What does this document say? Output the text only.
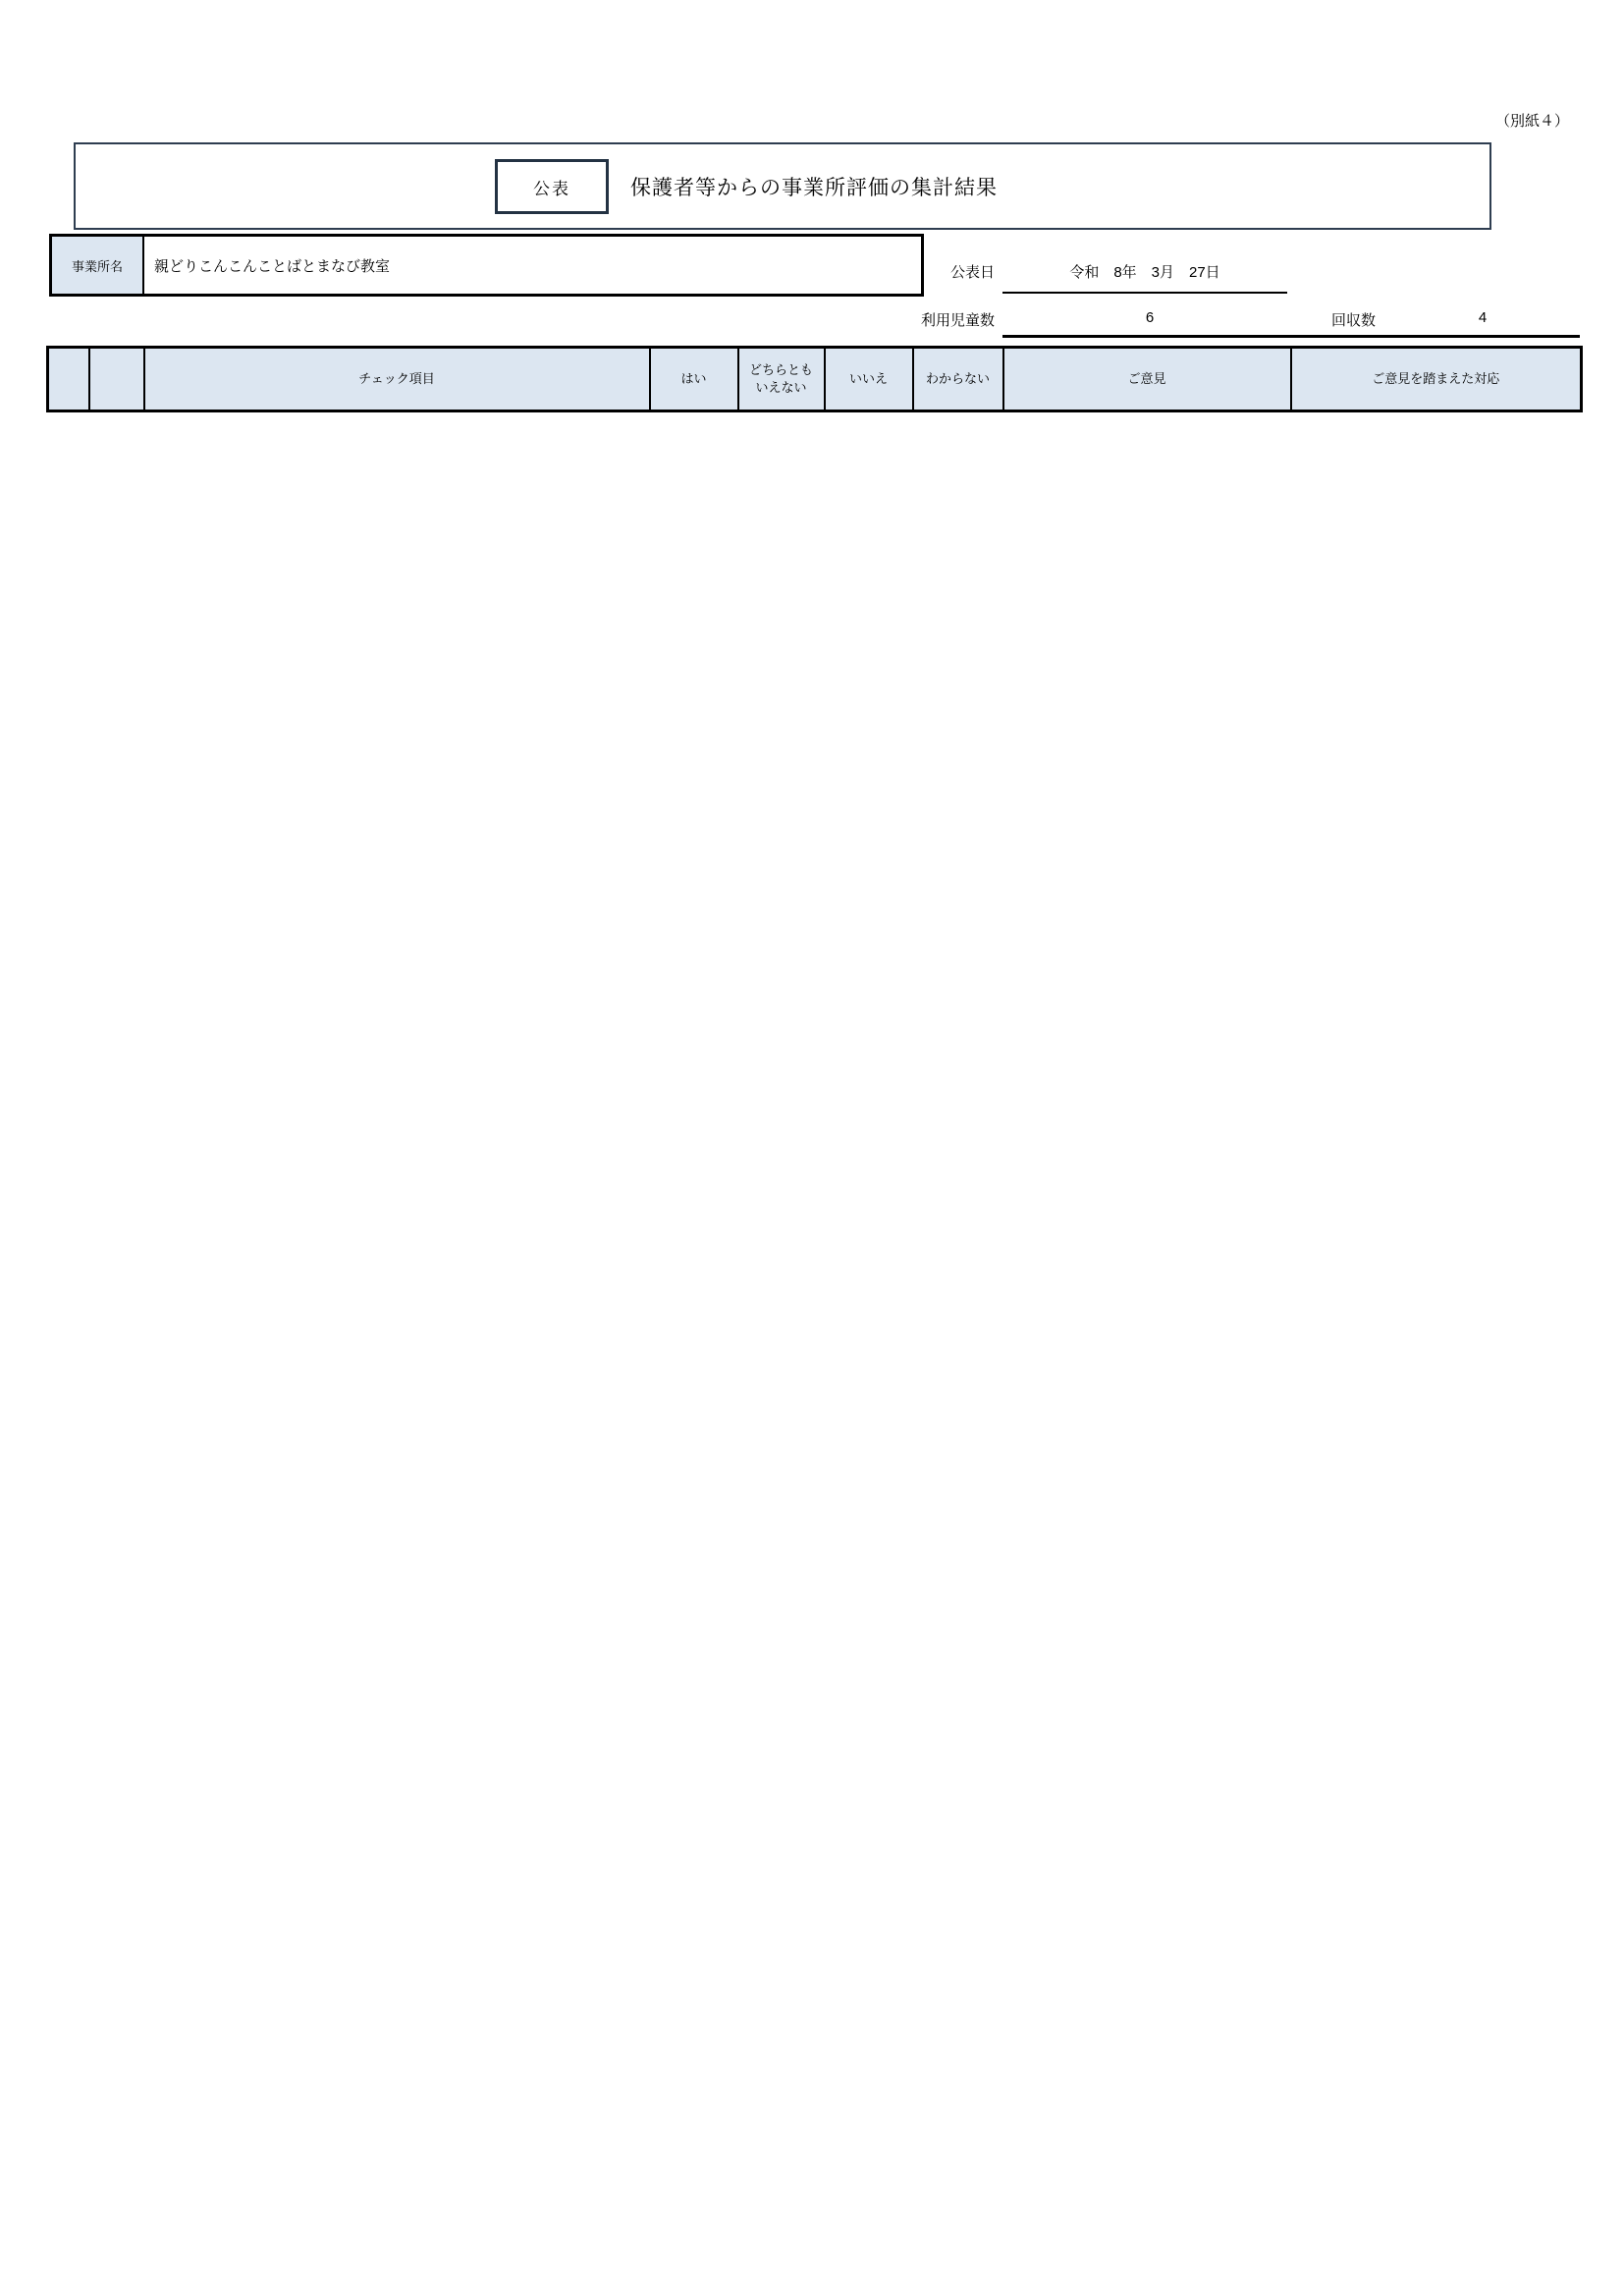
（別紙４）
公表	保護者等からの事業所評価の集計結果
事業所名	親どりこんこんことばとまなび教室	公表日	令和　8年　3月　27日
利用児童数	6	回収数	4
		チェック項目	はい	どちらともいえない	いいえ	わからない	ご意見	ご意見を踏まえた対応
